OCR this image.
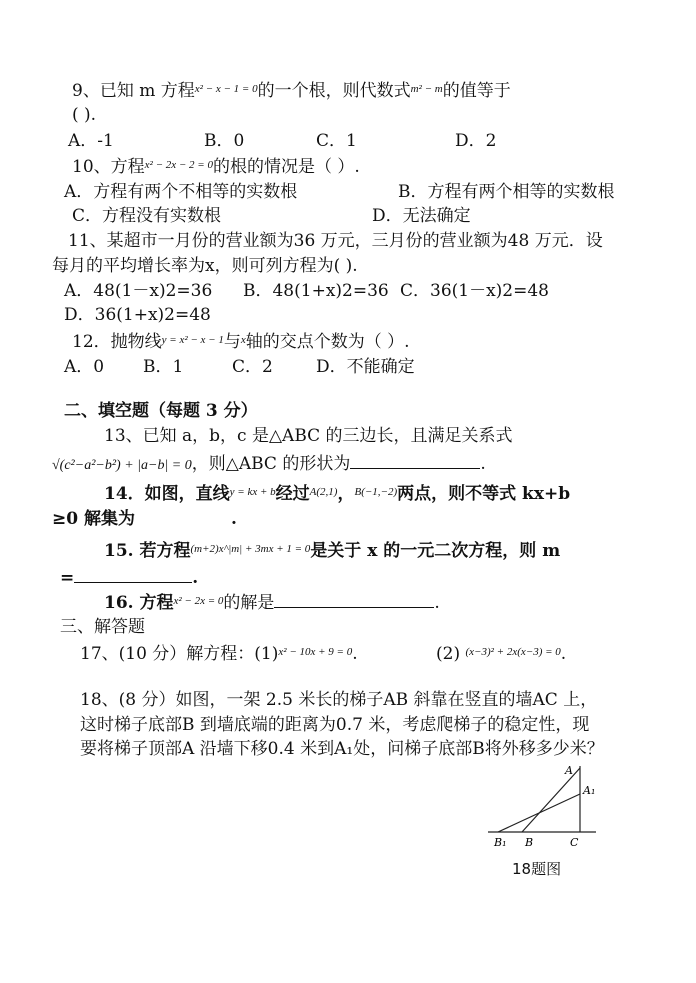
9、已知 m 方程$^{x^2 - x - 1 = 0}$的一个根，则代数式$^{m^2 - m}$的值等于
( ).
A．-1	B．0	C．1	D．2
10、方程$^{x^2 - 2x - 2 = 0}$的根的情况是（ ）.
A．方程有两个不相等的实数根	B．方程有两个相等的实数根
C．方程没有实数根	D．无法确定
11、某超市一月份的营业额为36 万元，三月份的营业额为48 万元．设
每月的平均增长率为x，则可列方程为( ).
A．48(1－x)2=36 B．48(1+x)2=36 C．36(1－x)2=48
D．36(1+x)2=48
12．抛物线$^{y = x^2 - x - 1}$与$^x$轴的交点个数为（ ）.
A．0 B．1	C．2	D．不能确定
二、填空题（每题 3 分）
13、已知 a，b，c 是△ABC 的三边长，且满足关系式
√(c²−a²−b²) + |a−b| = 0，则△ABC 的形状为	.
14．如图，直线$^{y = kx + b}$经过$^{A(2,1)}$，$^{B(-1,-2)}$两点，则不等式 kx+b
≥0 解集为	.
15. 若方程$^{(m+2)x\^{}|m| + 3mx + 1 = 0}$是关于 x 的一元二次方程，则 m
=	.
16. 方程$^{x^2 - 2x = 0}$的解是	.
三、解答题
17、(10 分）解方程：$(1)^{x^2 - 10x + 9 = 0}$.	(2) $^{(x-3)^2 + 2x(x-3) = 0}$.
18、(8 分）如图，一架 2.5 米长的梯子AB 斜靠在竖直的墙AC 上，
这时梯子底部B 到墙底端的距离为0.7 米，考虑爬梯子的稳定性，现
要将梯子顶部A 沿墙下移0.4 米到A₁处，问梯子底部B将外移多少米？
A
A₁
B₁ B	C
18题图
